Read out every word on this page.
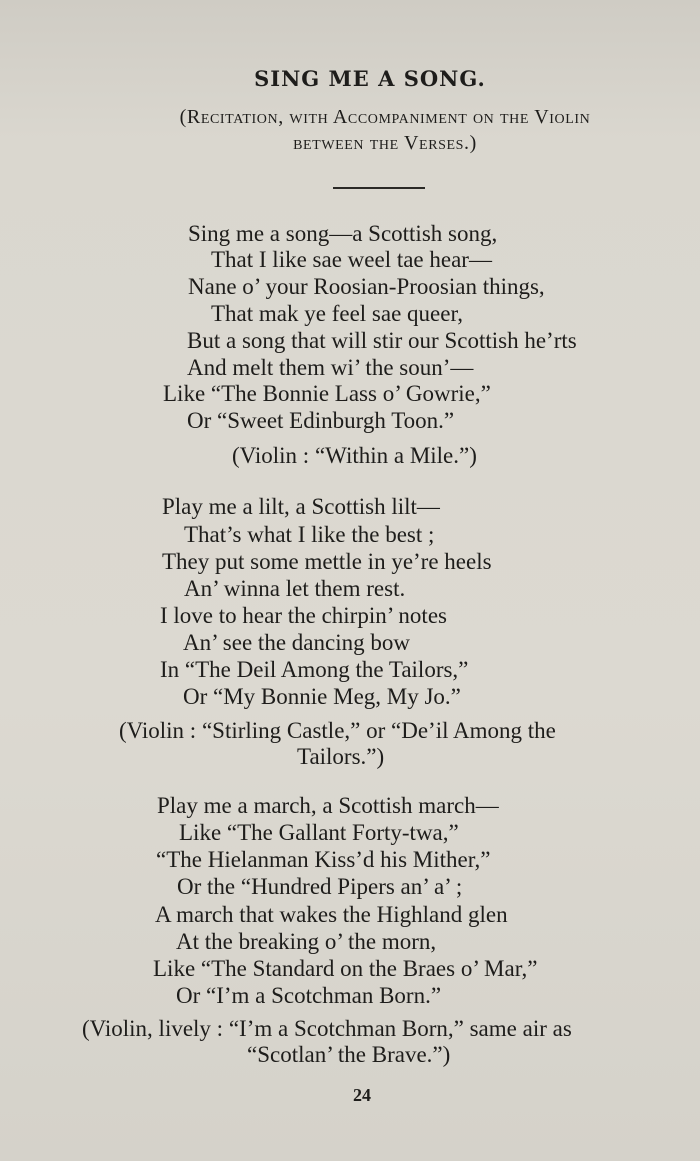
SING ME A SONG.
(Recitation, with Accompaniment on the Violin
between the Verses.)
Sing me a song—a Scottish song,
That I like sae weel tae hear—
Nane o’ your Roosian-Proosian things,
That mak ye feel sae queer,
But a song that will stir our Scottish he’rts
And melt them wi’ the soun’—
Like “The Bonnie Lass o’ Gowrie,”
Or “Sweet Edinburgh Toon.”
(Violin : “Within a Mile.”)
Play me a lilt, a Scottish lilt—
That’s what I like the best ;
They put some mettle in ye’re heels
An’ winna let them rest.
I love to hear the chirpin’ notes
An’ see the dancing bow
In “The Deil Among the Tailors,”
Or “My Bonnie Meg, My Jo.”
(Violin : “Stirling Castle,” or “De’il Among the
Tailors.”)
Play me a march, a Scottish march—
Like “The Gallant Forty-twa,”
“The Hielanman Kiss’d his Mither,”
Or the “Hundred Pipers an’ a’ ;
A march that wakes the Highland glen
At the breaking o’ the morn,
Like “The Standard on the Braes o’ Mar,”
Or “I’m a Scotchman Born.”
(Violin, lively : “I’m a Scotchman Born,” same air as
“Scotlan’ the Brave.”)
24
